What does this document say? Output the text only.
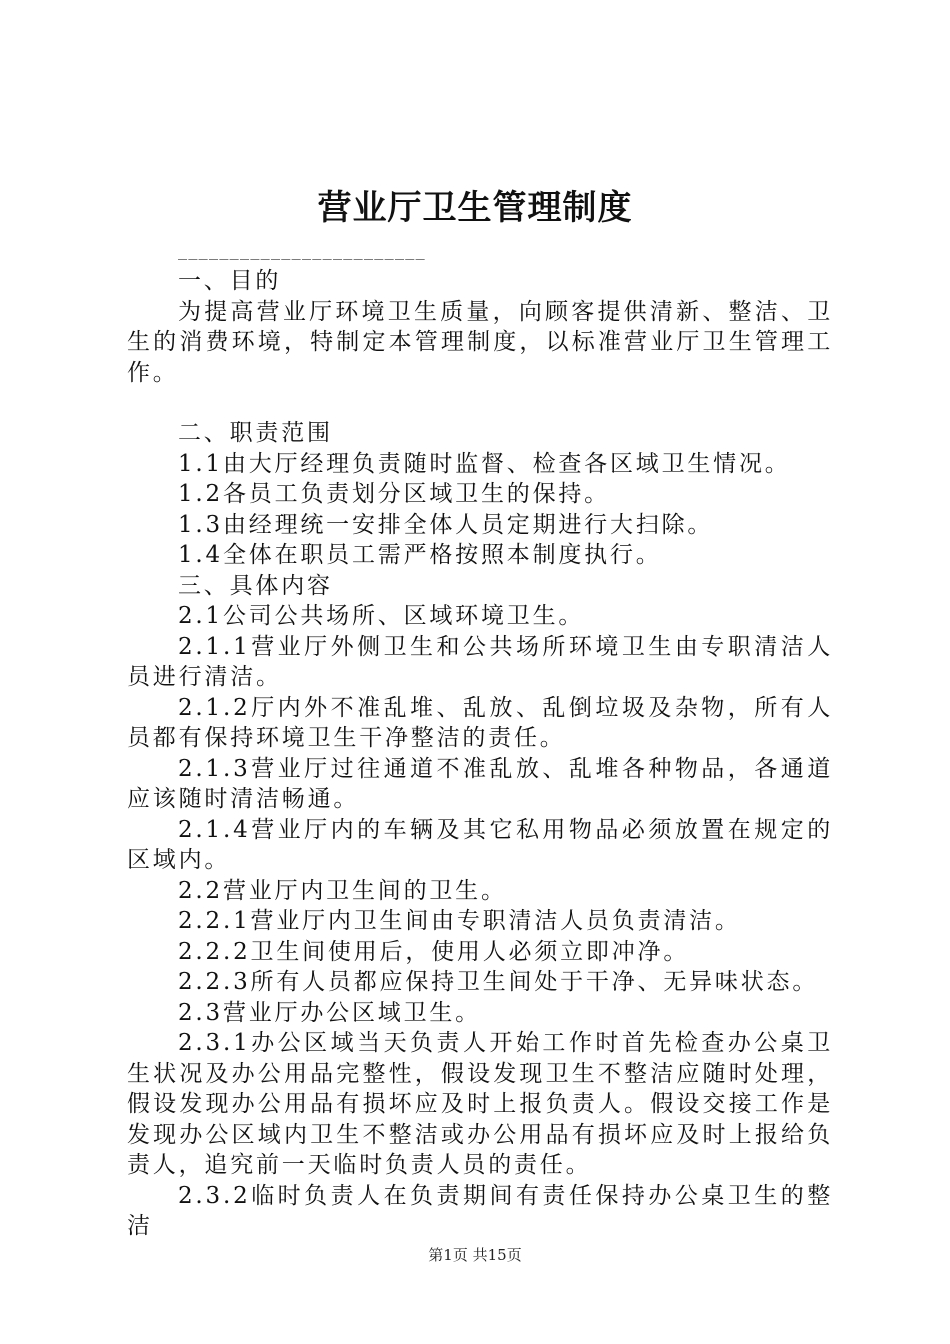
营业厅卫生管理制度
________________________

一、目的

为提高营业厅环境卫生质量，向顾客提供清新、整洁、卫生的消费环境，特制定本管理制度，以标准营业厅卫生管理工作。

二、职责范围

1.1由大厅经理负责随时监督、检查各区域卫生情况。

1.2各员工负责划分区域卫生的保持。

1.3由经理统一安排全体人员定期进行大扫除。

1.4全体在职员工需严格按照本制度执行。

三、具体内容

2.1公司公共场所、区域环境卫生。

2.1.1营业厅外侧卫生和公共场所环境卫生由专职清洁人员进行清洁。

2.1.2厅内外不准乱堆、乱放、乱倒垃圾及杂物，所有人员都有保持环境卫生干净整洁的责任。

2.1.3营业厅过往通道不准乱放、乱堆各种物品，各通道应该随时清洁畅通。

2.1.4营业厅内的车辆及其它私用物品必须放置在规定的区域内。

2.2营业厅内卫生间的卫生。

2.2.1营业厅内卫生间由专职清洁人员负责清洁。

2.2.2卫生间使用后，使用人必须立即冲净。

2.2.3所有人员都应保持卫生间处于干净、无异味状态。

2.3营业厅办公区域卫生。

2.3.1办公区域当天负责人开始工作时首先检查办公桌卫生状况及办公用品完整性，假设发现卫生不整洁应随时处理，假设发现办公用品有损坏应及时上报负责人。假设交接工作是发现办公区域内卫生不整洁或办公用品有损坏应及时上报给负责人，追究前一天临时负责人员的责任。

2.3.2临时负责人在负责期间有责任保持办公桌卫生的整洁

第1页 共15页
